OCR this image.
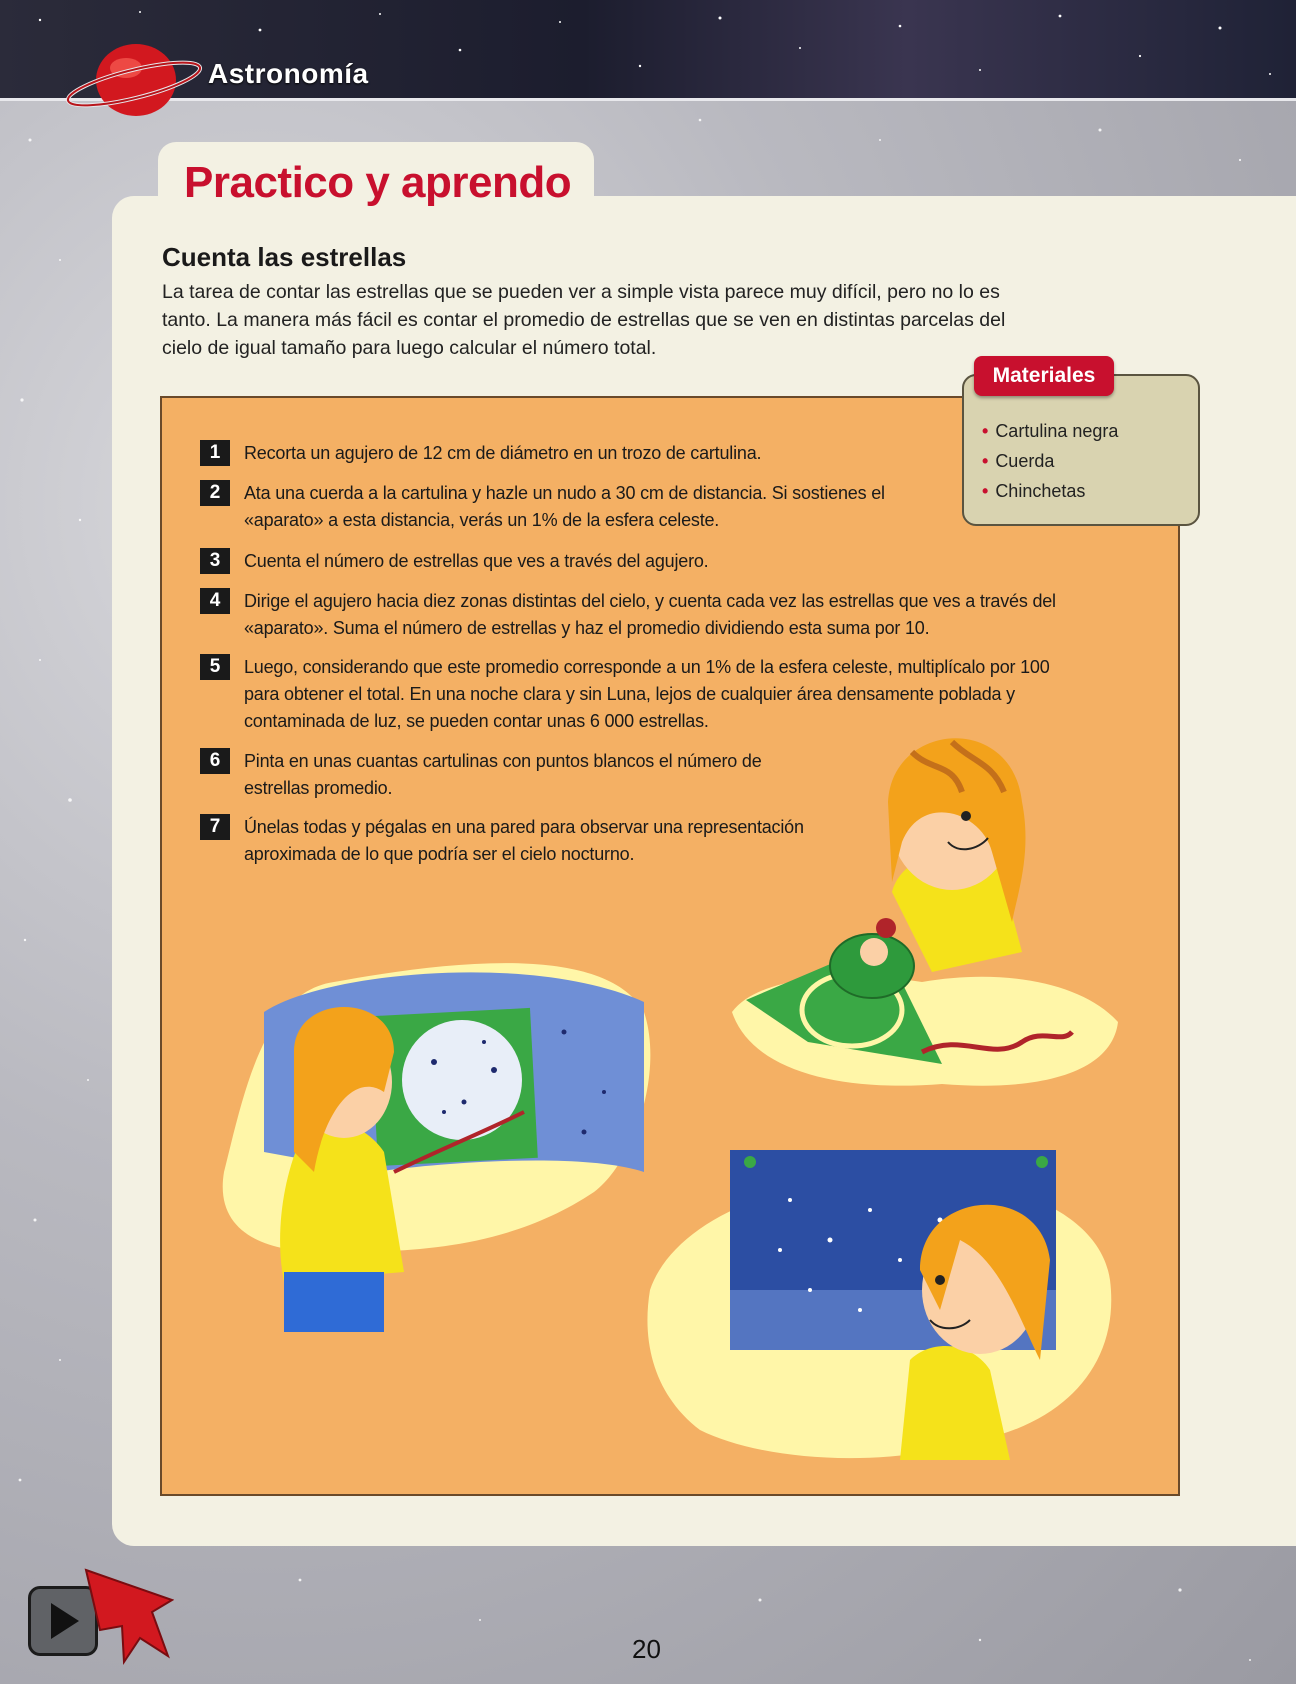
Astronomía
Practico y aprendo
Cuenta las estrellas
La tarea de contar las estrellas que se pueden ver a simple vista parece muy difícil, pero no lo es tanto. La manera más fácil es contar el promedio de estrellas que se ven en distintas parcelas del cielo de igual tamaño para luego calcular el número total.
1	Recorta un agujero de 12 cm de diámetro en un trozo de cartulina.
2	Ata una cuerda a la cartulina y hazle un nudo a 30 cm de distancia. Si sostienes el «aparato» a esta distancia, verás un 1% de la esfera celeste.
3	Cuenta el número de estrellas que ves a través del agujero.
4	Dirige el agujero hacia diez zonas distintas del cielo, y cuenta cada vez las estrellas que ves a través del «aparato». Suma el número de estrellas y haz el promedio dividiendo esta suma por 10.
5	Luego, considerando que este promedio corresponde a un 1% de la esfera celeste, multiplícalo por 100 para obtener el total. En una noche clara y sin Luna, lejos de cualquier área densamente poblada y contaminada de luz, se pueden contar unas 6 000 estrellas.
6	Pinta en unas cuantas cartulinas con puntos blancos el número de estrellas promedio.
7	Únelas todas y pégalas en una pared para observar una representación aproximada de lo que podría ser el cielo nocturno.
• Cartulina negra
• Cuerda
• Chinchetas
Materiales
20
